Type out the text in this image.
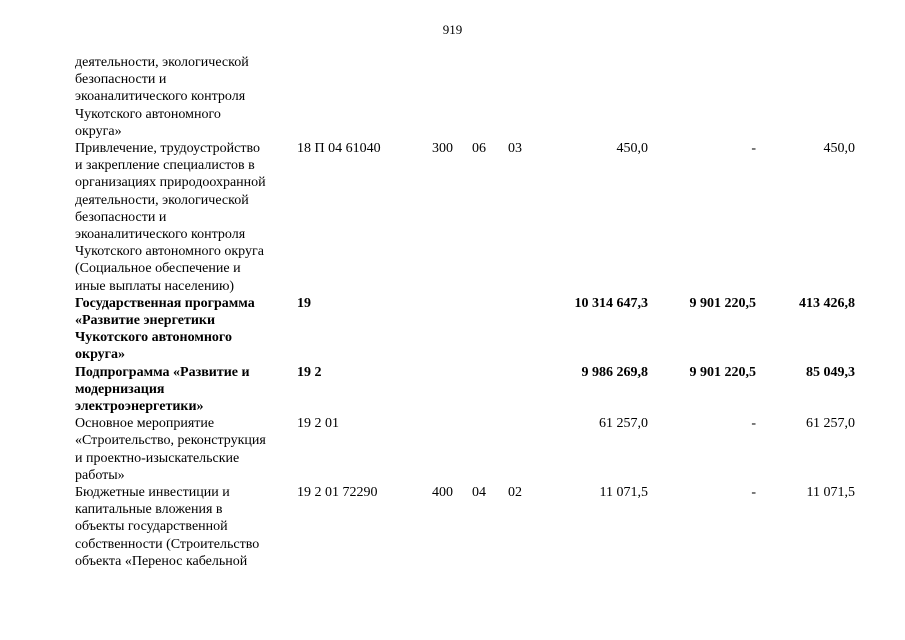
919
деятельности, экологической
безопасности и
экоаналитического контроля
Чукотского автономного
округа»
Привлечение, трудоустройство
и закрепление специалистов в
организациях природоохранной
деятельности, экологической
безопасности и
экоаналитического контроля
Чукотского автономного округа
(Социальное обеспечение и
иные выплаты населению)
18 П 04 61040	300	06	03	450,0	-	450,0
Государственная программа
«Развитие энергетики
Чукотского автономного
округа»
19	10 314 647,3	9 901 220,5	413 426,8
Подпрограмма «Развитие и
модернизация
электроэнергетики»
19 2	9 986 269,8	9 901 220,5	85 049,3
Основное мероприятие
«Строительство, реконструкция
и проектно-изыскательские
работы»
19 2 01	61 257,0	-	61 257,0
Бюджетные инвестиции и
капитальные вложения в
объекты государственной
собственности (Строительство
объекта «Перенос кабельной
19 2 01 72290	400	04	02	11 071,5	-	11 071,5
